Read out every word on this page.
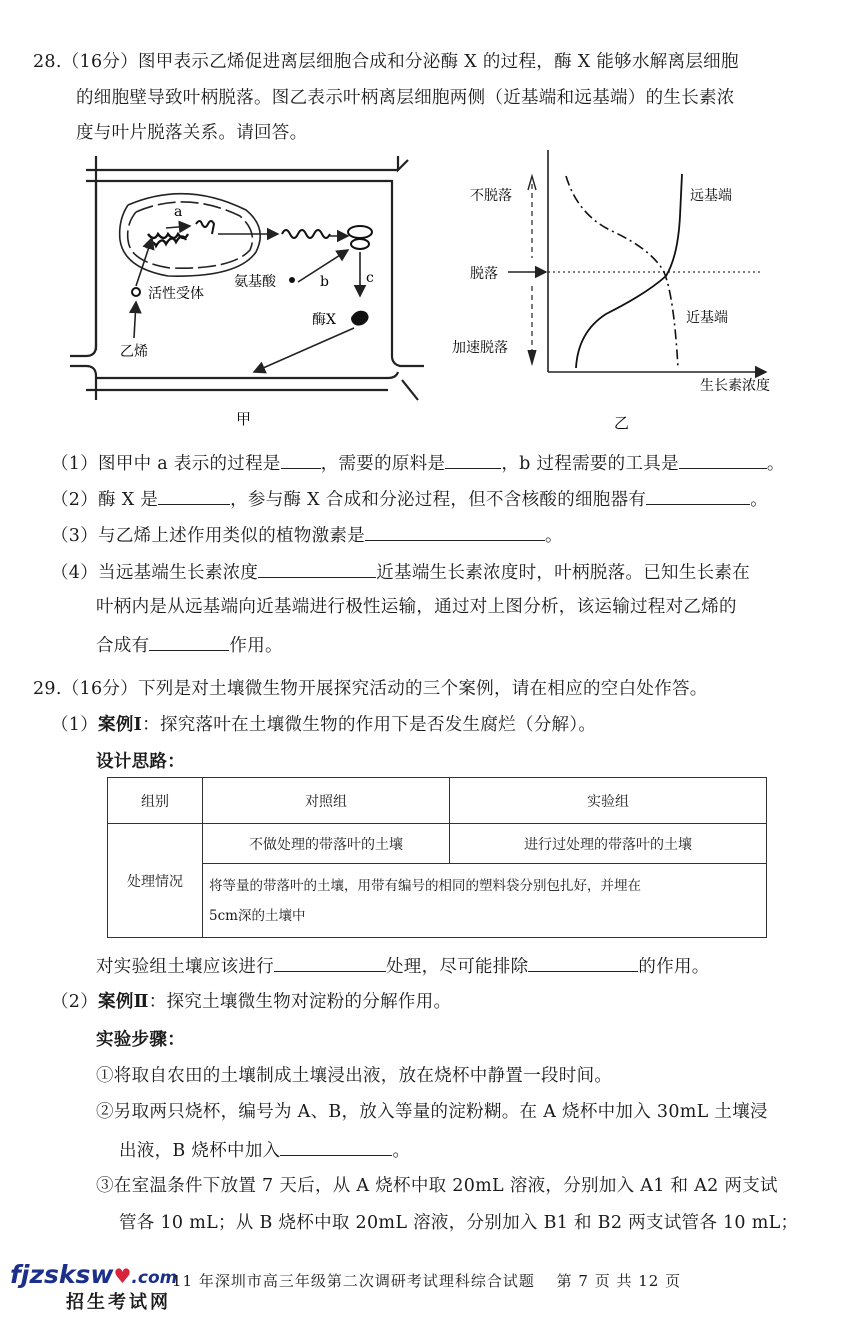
28.（16分）图甲表示乙烯促进离层细胞合成和分泌酶 X 的过程，酶 X 能够水解离层细胞
的细胞壁导致叶柄脱落。图乙表示叶柄离层细胞两侧（近基端和远基端）的生长素浓
度与叶片脱落关系。请回答。
a
b
氨基酸	c
酶X
活性受体
乙烯
甲
不脱落
脱落
加速脱落
远基端
近基端
生长素浓度
乙
（1）图甲中 a 表示的过程是 ，需要的原料是	，b 过程需要的工具是	。
（2）酶 X 是	，参与酶 X 合成和分泌过程，但不含核酸的细胞器有	。
（3）与乙烯上述作用类似的植物激素是	。
（4）当远基端生长素浓度	近基端生长素浓度时，叶柄脱落。已知生长素在
叶柄内是从远基端向近基端进行极性运输，通过对上图分析，该运输过程对乙烯的
合成有	作用。
29.（16分）下列是对土壤微生物开展探究活动的三个案例，请在相应的空白处作答。
（1）案例Ⅰ：探究落叶在土壤微生物的作用下是否发生腐烂（分解）。
设计思路：
组别	对照组	实验组
处理情况	不做处理的带落叶的土壤	进行过处理的带落叶的土壤

	将等量的带落叶的土壤，用带有编号的相同的塑料袋分别包扎好，并埋在
5cm深的土壤中	
对实验组土壤应该进行	处理，尽可能排除	的作用。
（2）案例Ⅱ：探究土壤微生物对淀粉的分解作用。
实验步骤：
①将取自农田的土壤制成土壤浸出液，放在烧杯中静置一段时间。
②另取两只烧杯，编号为 A、B，放入等量的淀粉糊。在 A 烧杯中加入 30mL 土壤浸
出液，B 烧杯中加入	。
③在室温条件下放置 7 天后，从 A 烧杯中取 20mL 溶液，分别加入 A1 和 A2 两支试
管各 10 mL；从 B 烧杯中取 20mL 溶液，分别加入 B1 和 B2 两支试管各 10 mL；
fjzsksw♥.com
招生考试网
11 年深圳市高三年级第二次调研考试理科综合试题　 第 7 页 共 12 页
